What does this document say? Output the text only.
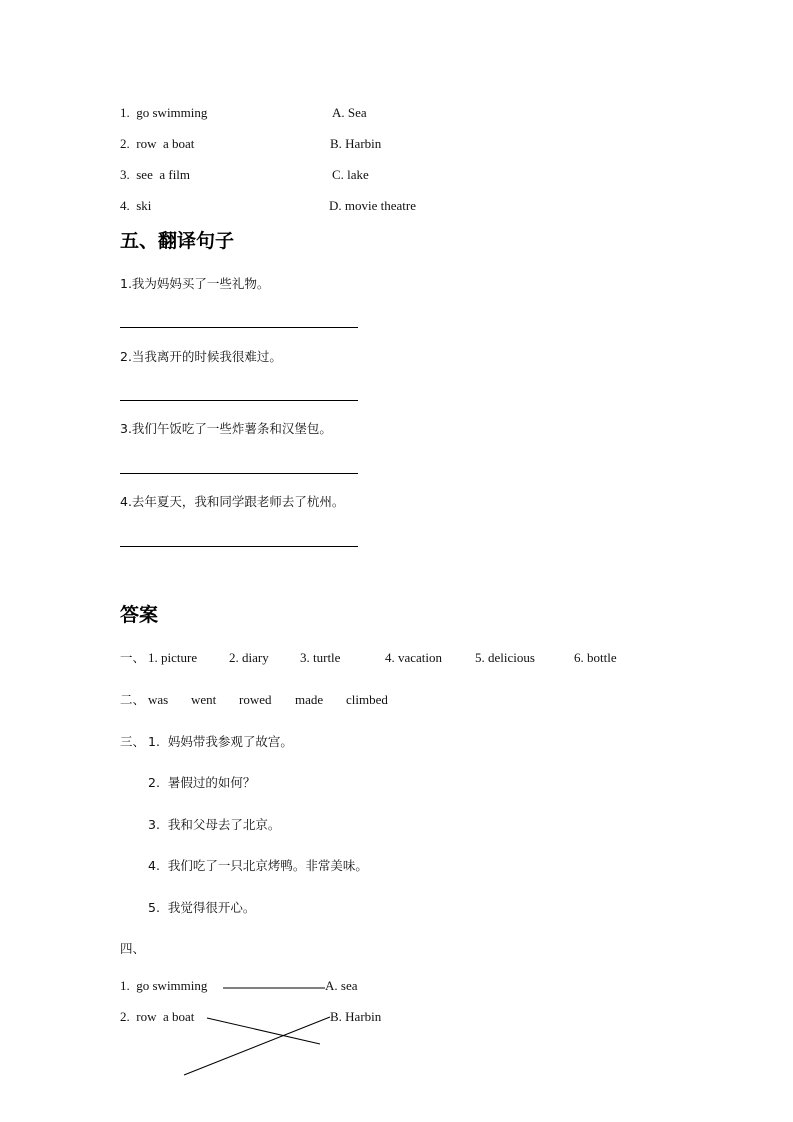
1.  go swimming	A. Sea
2.  row  a boat	B. Harbin
3.  see  a film	C. lake
4.  ski	D. movie theatre
五、翻译句子
1.我为妈妈买了一些礼物。
2.当我离开的时候我很难过。
3.我们午饭吃了一些炸薯条和汉堡包。
4.去年夏天，我和同学跟老师去了杭州。
答案
一、 1. picture 2. diary 3. turtle	4. vacation	5. delicious	6. bottle
二、 was went rowed made climbed
三、 1.  妈妈带我参观了故宫。
2.  暑假过的如何？
3.  我和父母去了北京。
4.  我们吃了一只北京烤鸭。非常美味。
5.  我觉得很开心。
四、
1.  go swimming	A. sea
2.  row  a boat	B. Harbin
